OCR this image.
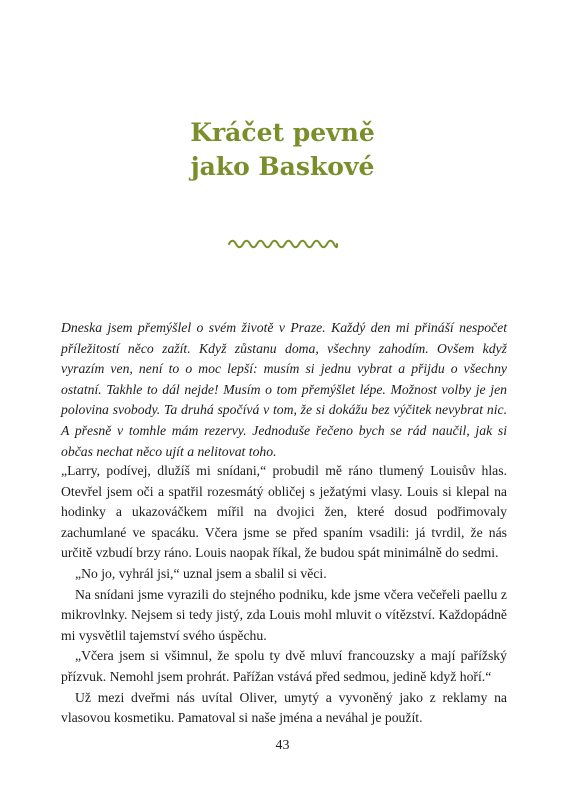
Kráčet pevně
jako Baskové

Dneska jsem přemýšlel o svém životě v Praze. Každý den mi přináší nespočet příležitostí něco zažít. Když zůstanu doma, všechny zahodím. Ovšem když vyrazím ven, není to o moc lepší: musím si jednu vybrat a přijdu o všechny ostatní. Takhle to dál nejde! Musím o tom přemýšlet lépe. Možnost volby je jen polovina svobody. Ta druhá spočívá v tom, že si dokážu bez výčitek nevybrat nic. A přesně v tomhle mám rezervy. Jednoduše řečeno bych se rád naučil, jak si občas nechat něco ujít a nelitovat toho.

„Larry, podívej, dlužíš mi snídani,“ probudil mě ráno tlumený Louisův hlas. Otevřel jsem oči a spatřil rozesmátý obličej s ježatými vlasy. Louis si klepal na hodinky a ukazováčkem mířil na dvojici žen, které dosud podřimovaly zachumlané ve spacáku. Včera jsme se před spaním vsadili: já tvrdil, že nás určitě vzbudí brzy ráno. Louis naopak říkal, že budou spát minimálně do sedmi.

„No jo, vyhrál jsi,“ uznal jsem a sbalil si věci.

Na snídani jsme vyrazili do stejného podniku, kde jsme včera večeřeli paellu z mikrovlnky. Nejsem si tedy jistý, zda Louis mohl mluvit o vítězství. Každopádně mi vysvětlil tajemství svého úspěchu.

„Včera jsem si všimnul, že spolu ty dvě mluví francouzsky a mají pařížský přízvuk. Nemohl jsem prohrát. Pařížan vstává před sedmou, jedině když hoří.“

Už mezi dveřmi nás uvítal Oliver, umytý a vyvoněný jako z reklamy na vlasovou kosmetiku. Pamatoval si naše jména a neváhal je použít.

43
